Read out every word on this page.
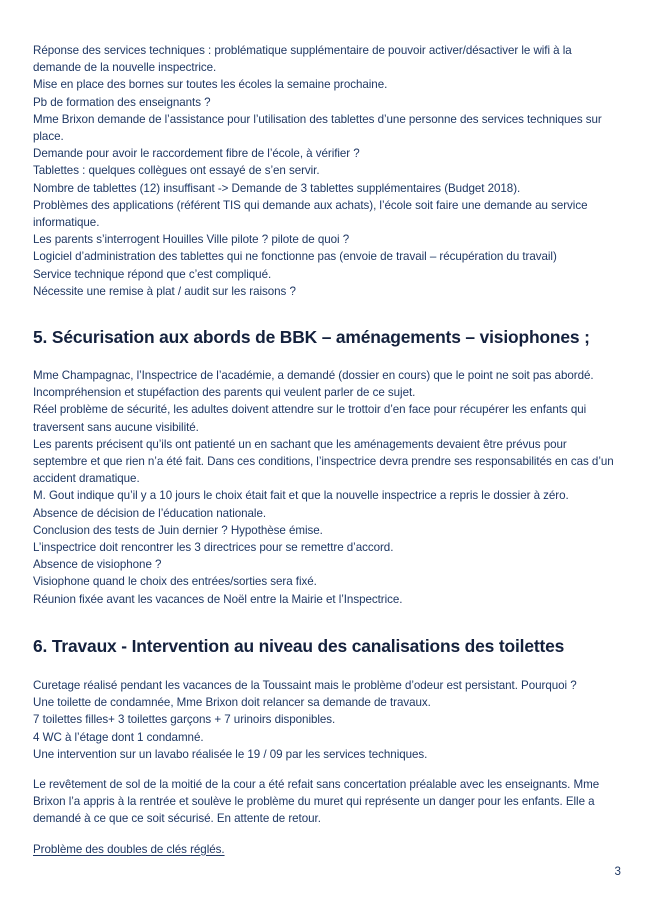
Réponse des services techniques : problématique supplémentaire de pouvoir activer/désactiver le wifi à la demande de la nouvelle inspectrice.

Mise en place des bornes sur toutes les écoles la semaine prochaine.

Pb de formation des enseignants ?

Mme Brixon demande de l’assistance pour l’utilisation des tablettes d’une personne des services techniques sur place.

Demande pour avoir le raccordement fibre de l’école, à vérifier ?

Tablettes : quelques collègues ont essayé de s’en servir.

Nombre de tablettes (12) insuffisant -> Demande de 3 tablettes supplémentaires (Budget 2018).

Problèmes des applications (référent TIS qui demande aux achats), l’école soit faire une demande au service informatique.

Les parents s’interrogent Houilles Ville pilote ? pilote de quoi ?

Logiciel d’administration des tablettes qui ne fonctionne pas (envoie de travail – récupération du travail)

Service technique répond que c’est compliqué.

Nécessite une remise à plat / audit sur les raisons ?

5. Sécurisation aux abords de BBK – aménagements – visiophones ;

Mme Champagnac, l’Inspectrice de l’académie, a demandé (dossier en cours) que le point ne soit pas abordé.

Incompréhension et stupéfaction des parents qui veulent parler de ce sujet.

Réel problème de sécurité, les adultes doivent attendre sur le trottoir d’en face pour récupérer les enfants qui traversent sans aucune visibilité.

Les parents précisent qu’ils ont patienté un en sachant que les aménagements devaient être prévus pour septembre et que rien n’a été fait. Dans ces conditions, l’inspectrice devra prendre ses responsabilités en cas d’un accident dramatique.

M. Gout indique qu’il y a 10 jours le choix était fait et que la nouvelle inspectrice a repris le dossier à zéro.

Absence de décision de l’éducation nationale.

Conclusion des tests de Juin dernier ? Hypothèse émise.

L’inspectrice doit rencontrer les 3 directrices pour se remettre d’accord.

Absence de visiophone ?

Visiophone quand le choix des entrées/sorties sera fixé.

Réunion fixée avant les vacances de Noël entre la Mairie et l’Inspectrice.

6. Travaux - Intervention au niveau des canalisations des toilettes

Curetage réalisé pendant les vacances de la Toussaint mais le problème d’odeur est persistant. Pourquoi ?

Une toilette de condamnée, Mme Brixon doit relancer sa demande de travaux.

7 toilettes filles+ 3 toilettes garçons + 7 urinoirs disponibles.

4 WC à l’étage dont 1 condamné.

Une intervention sur un lavabo réalisée le 19 / 09 par les services techniques.

Le revêtement de sol de la moitié de la cour a été refait sans concertation préalable avec les enseignants. Mme Brixon l’a appris à la rentrée et soulève le problème du muret qui représente un danger pour les enfants. Elle a demandé à ce que ce soit sécurisé. En attente de retour.

Problème des doubles de clés réglés.

3
